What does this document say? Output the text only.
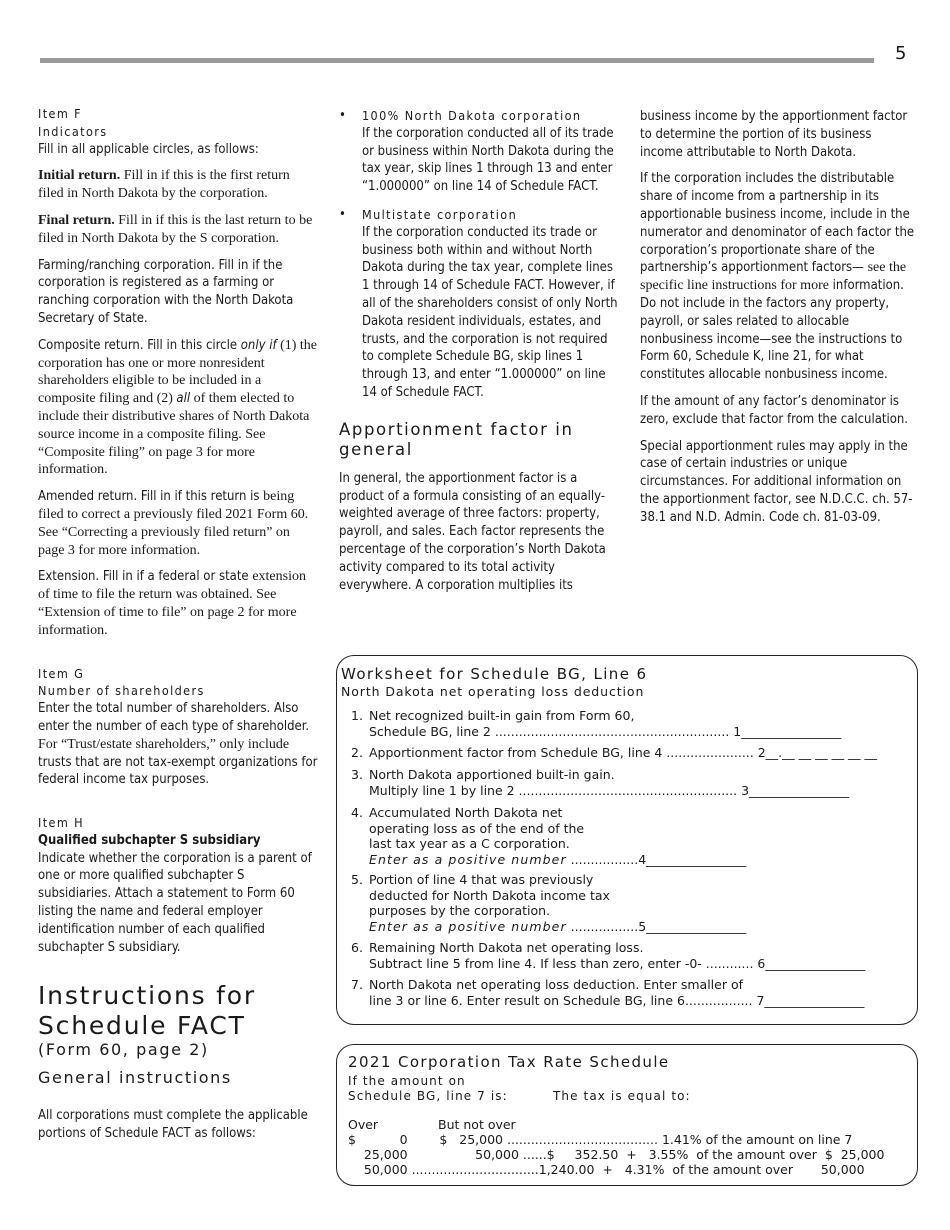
5
Item F
Indicators

Fill in all applicable circles, as follows:

Initial return. Fill in if this is the first return filed in North Dakota by the corporation.

Final return. Fill in if this is the last return to be filed in North Dakota by the S corporation.

Farming/ranching corporation. Fill in if the corporation is registered as a farming or ranching corporation with the North Dakota Secretary of State.

Composite return. Fill in this circle only if (1) the corporation has one or more nonresident shareholders eligible to be included in a composite filing and (2) all of them elected to include their distributive shares of North Dakota source income in a composite filing. See “Composite filing” on page 3 for more information.

Amended return. Fill in if this return is being filed to correct a previously filed 2021 Form 60. See “Correcting a previously filed return” on page 3 for more information.

Extension. Fill in if a federal or state extension of time to file the return was obtained. See “Extension of time to file” on page 2 for more information.

Item G
Number of shareholders

Enter the total number of shareholders. Also enter the number of each type of shareholder. For “Trust/estate shareholders,” only include trusts that are not tax-exempt organizations for federal income tax purposes.

Item H
Qualified subchapter S subsidiary

Indicate whether the corporation is a parent of one or more qualified subchapter S subsidiaries. Attach a statement to Form 60 listing the name and federal employer identification number of each qualified subchapter S subsidiary.

Instructions for
Schedule FACT
(Form 60, page 2)
General instructions

All corporations must complete the applicable portions of Schedule FACT as follows:

• 100% North Dakota corporation
If the corporation conducted all of its trade or business within North Dakota during the tax year, skip lines 1 through 13 and enter “1.000000” on line 14 of Schedule FACT.
• Multistate corporation
If the corporation conducted its trade or business both within and without North Dakota during the tax year, complete lines 1 through 14 of Schedule FACT. However, if all of the shareholders consist of only North Dakota resident individuals, estates, and trusts, and the corporation is not required to complete Schedule BG, skip lines 1 through 13, and enter “1.000000” on line 14 of Schedule FACT.
Apportionment factor in general

In general, the apportionment factor is a product of a formula consisting of an equally-weighted average of three factors: property, payroll, and sales. Each factor represents the percentage of the corporation’s North Dakota activity compared to its total activity everywhere. A corporation multiplies its

business income by the apportionment factor to determine the portion of its business income attributable to North Dakota.

If the corporation includes the distributable share of income from a partnership in its apportionable business income, include in the numerator and denominator of each factor the corporation’s proportionate share of the partnership’s apportionment factors— see the specific line instructions for more information. Do not include in the factors any property, payroll, or sales related to allocable nonbusiness income—see the instructions to Form 60, Schedule K, line 21, for what constitutes allocable nonbusiness income.

If the amount of any factor’s denominator is zero, exclude that factor from the calculation.

Special apportionment rules may apply in the case of certain industries or unique circumstances. For additional information on the apportionment factor, see N.D.C.C. ch. 57-38.1 and N.D. Admin. Code ch. 81-03-09.

Worksheet for Schedule BG, Line 6
North Dakota net operating loss deduction
1. Net recognized built-in gain from Form 60,
Schedule BG, line 2 ........................................................... 1________________
2. Apportionment factor from Schedule BG, line 4 ...................... 2__.__ __ __ __ __ __
3. North Dakota apportioned built-in gain.
Multiply line 1 by line 2 ....................................................... 3________________
4. Accumulated North Dakota net
operating loss as of the end of the
last tax year as a C corporation.
Enter as a positive number .................4________________
5. Portion of line 4 that was previously
deducted for North Dakota income tax
purposes by the corporation.
Enter as a positive number .................5________________
6. Remaining North Dakota net operating loss.
Subtract line 5 from line 4. If less than zero, enter -0- ............ 6________________
7. North Dakota net operating loss deduction. Enter smaller of
line 3 or line 6. Enter result on Schedule BG, line 6................. 7________________
2021 Corporation Tax Rate Schedule
If the amount on
Schedule BG, line 7 is:	The tax is equal to:
Over	But not over
$           0        $   25,000 ...................................... 1.41% of the amount on line 7
25,000                 50,000 ......$     352.50  +   3.55%  of the amount over  $  25,000
50,000 ................................1,240.00  +   4.31%  of the amount over       50,000
